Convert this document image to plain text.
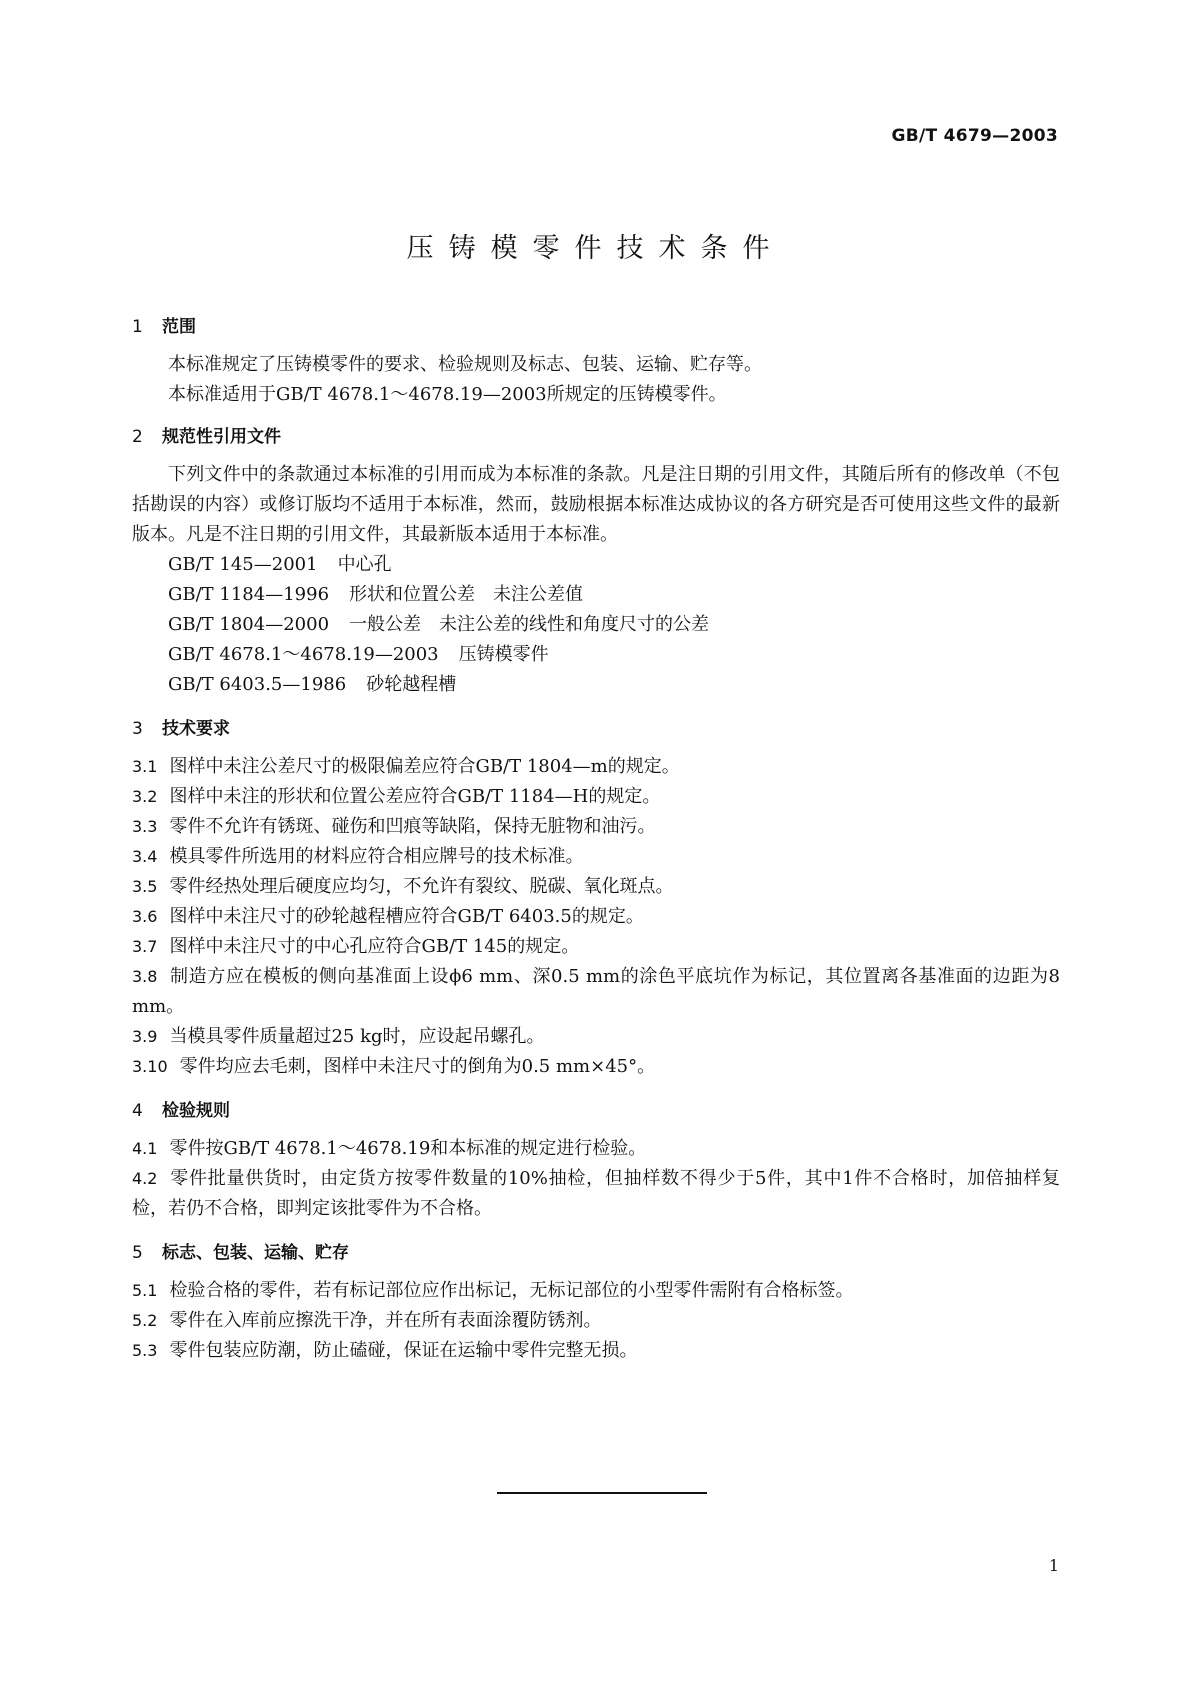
GB/T 4679—2003
压铸模零件技术条件
1 范围

本标准规定了压铸模零件的要求、检验规则及标志、包装、运输、贮存等。

本标准适用于GB/T 4678.1～4678.19—2003所规定的压铸模零件。

2 规范性引用文件

下列文件中的条款通过本标准的引用而成为本标准的条款。凡是注日期的引用文件，其随后所有的修改单（不包括勘误的内容）或修订版均不适用于本标准，然而，鼓励根据本标准达成协议的各方研究是否可使用这些文件的最新版本。凡是不注日期的引用文件，其最新版本适用于本标准。

GB/T 145—2001 中心孔

GB/T 1184—1996 形状和位置公差　未注公差值

GB/T 1804—2000 一般公差　未注公差的线性和角度尺寸的公差

GB/T 4678.1～4678.19—2003 压铸模零件

GB/T 6403.5—1986 砂轮越程槽

3 技术要求

3.1 图样中未注公差尺寸的极限偏差应符合GB/T 1804—m的规定。

3.2 图样中未注的形状和位置公差应符合GB/T 1184—H的规定。

3.3 零件不允许有锈斑、碰伤和凹痕等缺陷，保持无脏物和油污。

3.4 模具零件所选用的材料应符合相应牌号的技术标准。

3.5 零件经热处理后硬度应均匀，不允许有裂纹、脱碳、氧化斑点。

3.6 图样中未注尺寸的砂轮越程槽应符合GB/T 6403.5的规定。

3.7 图样中未注尺寸的中心孔应符合GB/T 145的规定。

3.8 制造方应在模板的侧向基准面上设ϕ6 mm、深0.5 mm的涂色平底坑作为标记，其位置离各基准面的边距为8 mm。

3.9 当模具零件质量超过25 kg时，应设起吊螺孔。

3.10 零件均应去毛刺，图样中未注尺寸的倒角为0.5 mm×45°。

4 检验规则

4.1 零件按GB/T 4678.1～4678.19和本标准的规定进行检验。

4.2 零件批量供货时，由定货方按零件数量的10%抽检，但抽样数不得少于5件，其中1件不合格时，加倍抽样复检，若仍不合格，即判定该批零件为不合格。

5 标志、包装、运输、贮存

5.1 检验合格的零件，若有标记部位应作出标记，无标记部位的小型零件需附有合格标签。

5.2 零件在入库前应擦洗干净，并在所有表面涂覆防锈剂。

5.3 零件包装应防潮，防止磕碰，保证在运输中零件完整无损。

1
